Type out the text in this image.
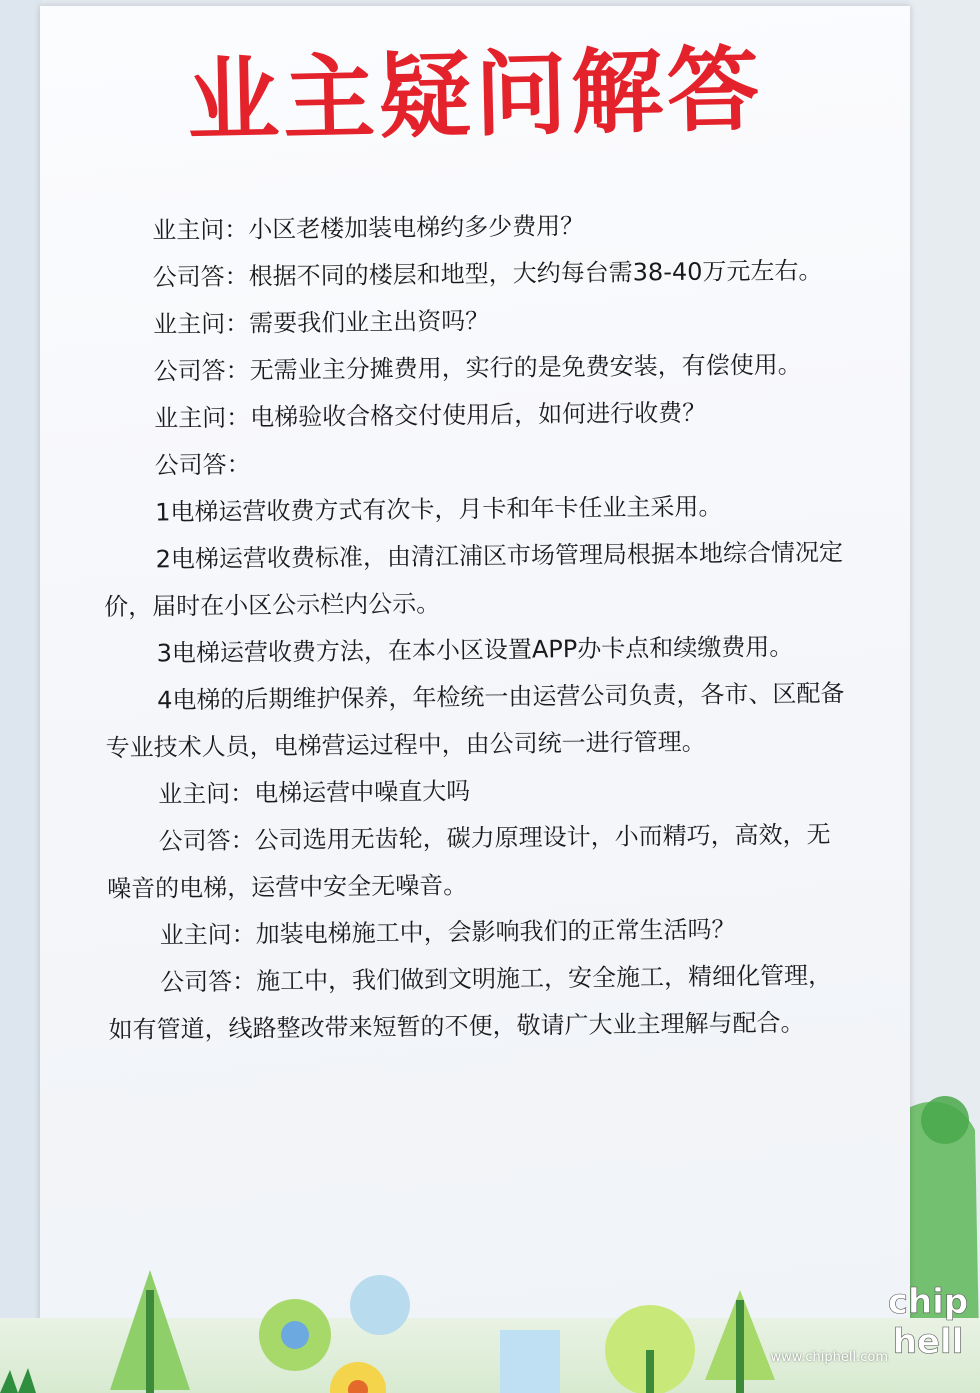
业主疑问解答

业主问：小区老楼加装电梯约多少费用？

公司答：根据不同的楼层和地型，大约每台需38-40万元左右。

业主问：需要我们业主出资吗？

公司答：无需业主分摊费用，实行的是免费安装，有偿使用。

业主问：电梯验收合格交付使用后，如何进行收费？

公司答：

1电梯运营收费方式有次卡，月卡和年卡任业主采用。

2电梯运营收费标准，由清江浦区市场管理局根据本地综合情况定价，届时在小区公示栏内公示。

3电梯运营收费方法，在本小区设置APP办卡点和续缴费用。

4电梯的后期维护保养，年检统一由运营公司负责，各市、区配备专业技术人员，电梯营运过程中，由公司统一进行管理。

业主问：电梯运营中噪直大吗

公司答：公司选用无齿轮，碳力原理设计，小而精巧，高效，无噪音的电梯，运营中安全无噪音。

业主问：加装电梯施工中，会影响我们的正常生活吗？

公司答：施工中，我们做到文明施工，安全施工，精细化管理，如有管道，线路整改带来短暂的不便，敬请广大业主理解与配合。

chip
hell
www.chiphell.com
